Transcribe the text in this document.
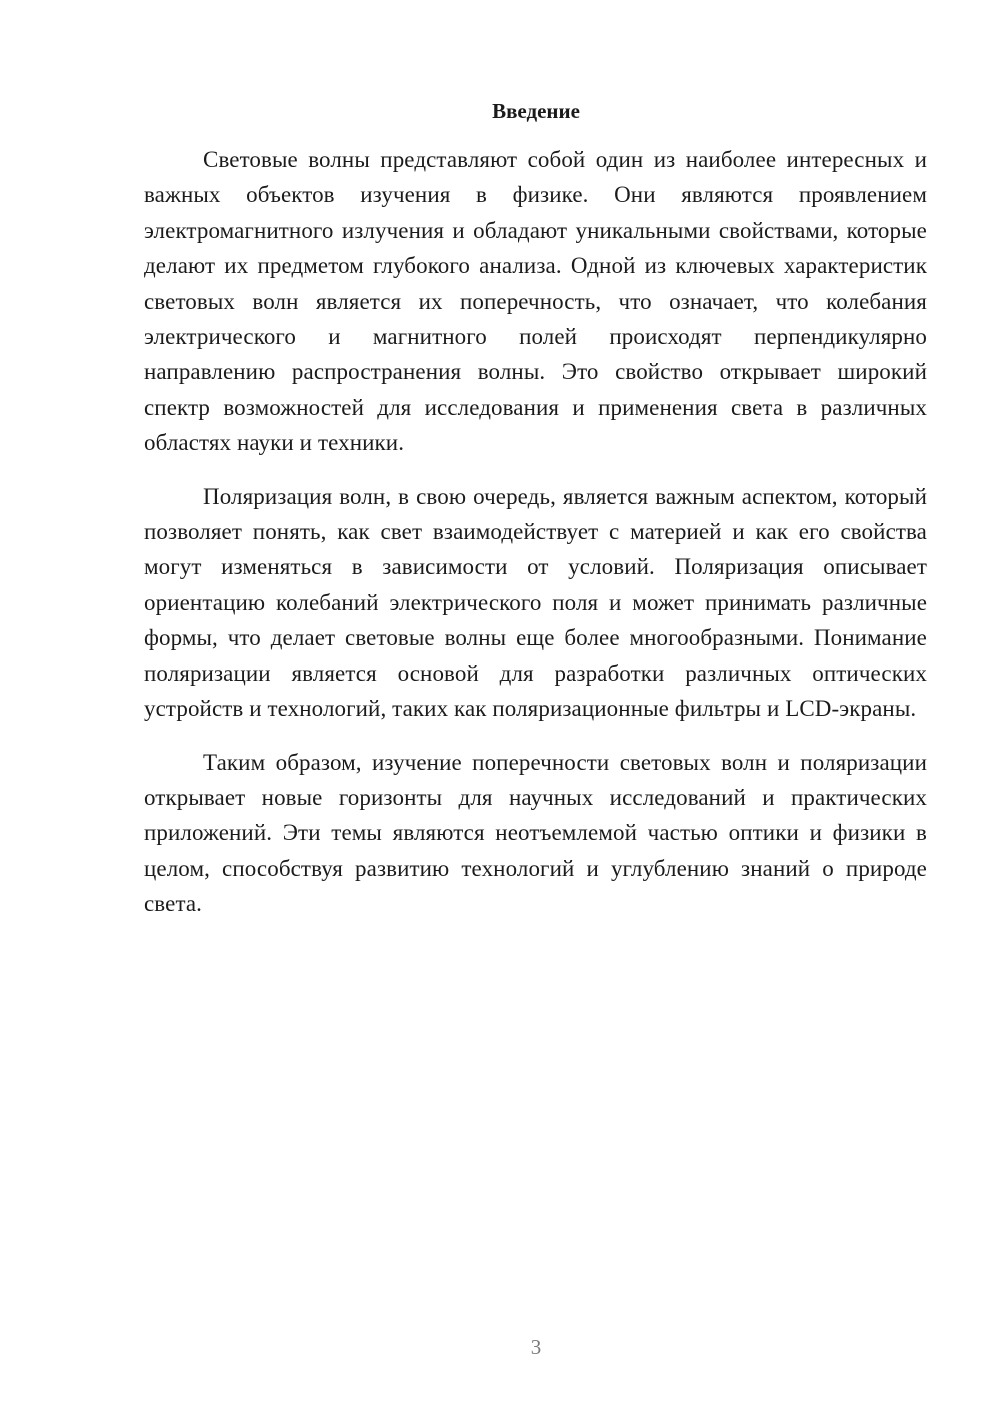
Введение

Световые волны представляют собой один из наиболее интересных и важных объектов изучения в физике. Они являются проявлением электромагнитного излучения и обладают уникальными свойствами, которые делают их предметом глубокого анализа. Одной из ключевых характеристик световых волн является их поперечность, что означает, что колебания электрического и магнитного полей происходят перпендикулярно направлению распространения волны. Это свойство открывает широкий спектр возможностей для исследования и применения света в различных областях науки и техники.

Поляризация волн, в свою очередь, является важным аспектом, который позволяет понять, как свет взаимодействует с материей и как его свойства могут изменяться в зависимости от условий. Поляризация описывает ориентацию колебаний электрического поля и может принимать различные формы, что делает световые волны еще более многообразными. Понимание поляризации является основой для разработки различных оптических устройств и технологий, таких как поляризационные фильтры и LCD-экраны.

Таким образом, изучение поперечности световых волн и поляризации открывает новые горизонты для научных исследований и практических приложений. Эти темы являются неотъемлемой частью оптики и физики в целом, способствуя развитию технологий и углублению знаний о природе света.

3
